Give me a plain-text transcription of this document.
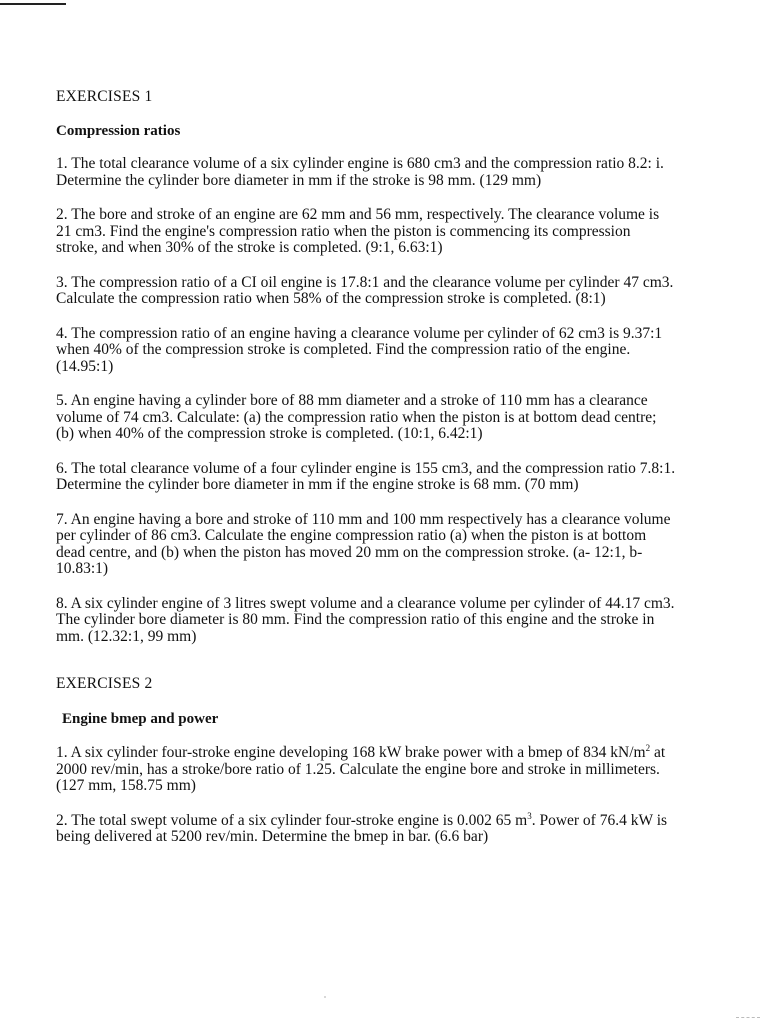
EXERCISES 1

Compression ratios

1. The total clearance volume of a six cylinder engine is 680 cm3 and the compression ratio 8.2: i. Determine the cylinder bore diameter in mm if the stroke is 98 mm. (129 mm)

2. The bore and stroke of an engine are 62 mm and 56 mm, respectively. The clearance volume is 21 cm3. Find the engine's compression ratio when the piston is commencing its compression stroke, and when 30% of the stroke is completed. (9:1, 6.63:1)

3. The compression ratio of a CI oil engine is 17.8:1 and the clearance volume per cylinder 47 cm3. Calculate the compression ratio when 58% of the compression stroke is completed. (8:1)

4. The compression ratio of an engine having a clearance volume per cylinder of 62 cm3 is 9.37:1 when 40% of the compression stroke is completed. Find the compression ratio of the engine. (14.95:1)

5. An engine having a cylinder bore of 88 mm diameter and a stroke of 110 mm has a clearance volume of 74 cm3. Calculate: (a) the compression ratio when the piston is at bottom dead centre; (b) when 40% of the compression stroke is completed. (10:1, 6.42:1)

6. The total clearance volume of a four cylinder engine is 155 cm3, and the compression ratio 7.8:1. Determine the cylinder bore diameter in mm if the engine stroke is 68 mm. (70 mm)

7. An engine having a bore and stroke of 110 mm and 100 mm respectively has a clearance volume per cylinder of 86 cm3. Calculate the engine compression ratio (a) when the piston is at bottom dead centre, and (b) when the piston has moved 20 mm on the compression stroke. (a- 12:1, b- 10.83:1)

8. A six cylinder engine of 3 litres swept volume and a clearance volume per cylinder of 44.17 cm3. The cylinder bore diameter is 80 mm. Find the compression ratio of this engine and the stroke in mm. (12.32:1, 99 mm)

EXERCISES 2

Engine bmep and power

1. A six cylinder four-stroke engine developing 168 kW brake power with a bmep of 834 $kN/m^2$ at 2000 rev/min, has a stroke/bore ratio of 1.25. Calculate the engine bore and stroke in millimeters. (127 mm, 158.75 mm)

2. The total swept volume of a six cylinder four-stroke engine is 0.002 65 $m^3$. Power of 76.4 kW is being delivered at 5200 rev/min. Determine the bmep in bar. (6.6 bar)
